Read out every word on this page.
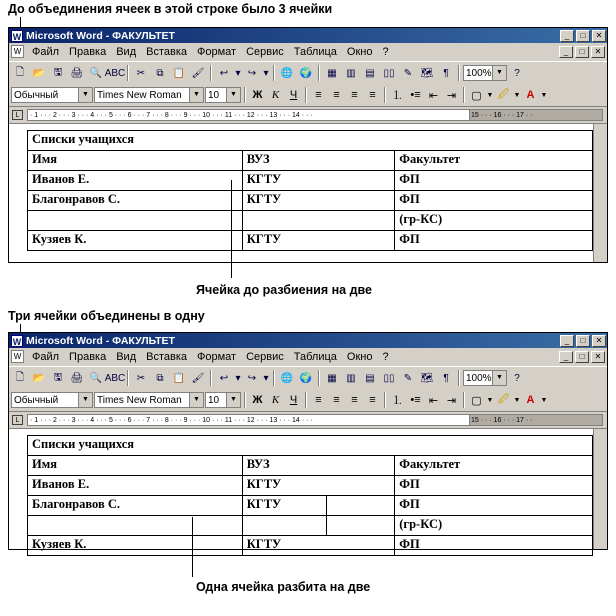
До объединения ячеек в этой строке было 3 ячейки
W Microsoft Word - ФАКУЛЬТЕТ	_	□	✕
W Файл Правка Вид Вставка Формат Сервис Таблица Окно ?	_	□	✕
🗋 📂 🖫 🖨 🔍 ABC	✂	⧉ 📋 🖌	↩ ▾ ↪ ▾ 🌐 🌍	▦ ▥ ▤ ▯▯ ✎ 🗺 ¶	100% ▼	?
Обычный	▼ Times New Roman	▼ 10	▼	Ж К Ч	≡	≡	≡	≡	⒈ •≡ ⇤ ⇥	▢ ▼ 🖉 ▼ A ▼
L	· 1 · · · 2 · · · 3 · · · 4 · · · 5 · · · 6 · · · 7 · · · 8 · · · 9 · · · 10 · · · 11 · · · 12 · · · 13 · · · 14 · · ·	15 · · · 16 · · · 17 · ·
Списки учащихся		
Имя	ВУЗ	Факультет
Иванов Е.	КГТУ	ФП
Благонравов С.	КГТУ	ФП
		(гр-КС)
Кузяев К.	КГТУ	ФП
Ячейка до разбиения на две
Три ячейки объединены в одну
W Microsoft Word - ФАКУЛЬТЕТ	_	□	✕
W Файл Правка Вид Вставка Формат Сервис Таблица Окно ?	_	□	✕
🗋 📂 🖫 🖨 🔍 ABC	✂	⧉ 📋 🖌	↩ ▾ ↪ ▾ 🌐 🌍	▦ ▥ ▤ ▯▯ ✎ 🗺 ¶	100% ▼	?
Обычный	▼ Times New Roman	▼ 10	▼	Ж К Ч	≡	≡	≡	≡	⒈ •≡ ⇤ ⇥	▢ ▼ 🖉 ▼ A ▼
L	· 1 · · · 2 · · · 3 · · · 4 · · · 5 · · · 6 · · · 7 · · · 8 · · · 9 · · · 10 · · · 11 · · · 12 · · · 13 · · · 14 · · ·	15 · · · 16 · · · 17 · ·
Списки учащихся			
Имя	ВУЗ		Факультет
Иванов Е.	КГТУ		ФП
Благонравов С.	КГТУ		ФП
			(гр-КС)
Кузяев К.	КГТУ		ФП
Одна ячейка разбита на две
